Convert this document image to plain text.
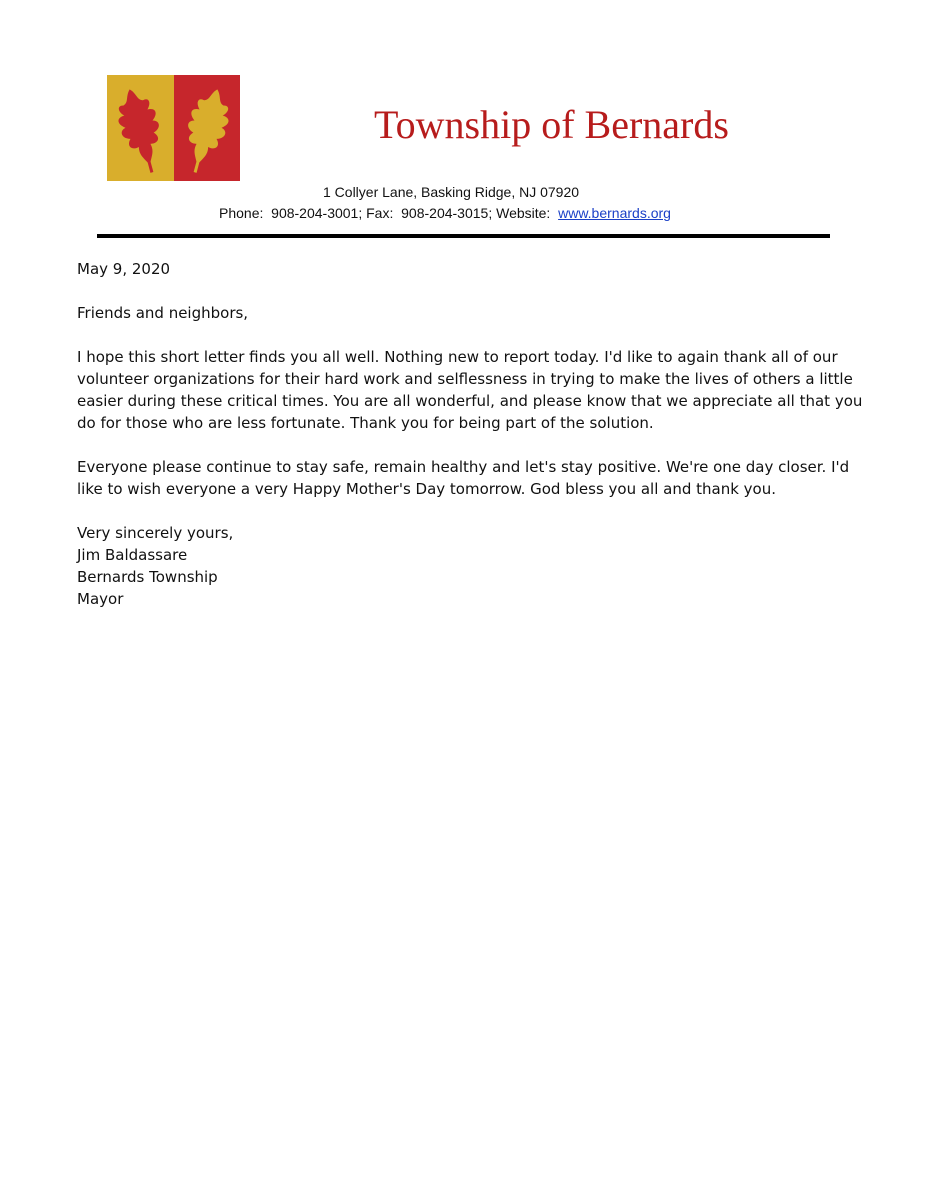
Township of Bernards
1 Collyer Lane, Basking Ridge, NJ 07920
Phone: 908-204-3001; Fax: 908-204-3015; Website: www.bernards.org

May 9, 2020

Friends and neighbors,

I hope this short letter finds you all well. Nothing new to report today. I'd like to again thank all of our volunteer organizations for their hard work and selflessness in trying to make the lives of others a little easier during these critical times. You are all wonderful, and please know that we appreciate all that you do for those who are less fortunate. Thank you for being part of the solution.

Everyone please continue to stay safe, remain healthy and let's stay positive. We're one day closer. I'd like to wish everyone a very Happy Mother's Day tomorrow. God bless you all and thank you.

Very sincerely yours,
Jim Baldassare
Bernards Township
Mayor
